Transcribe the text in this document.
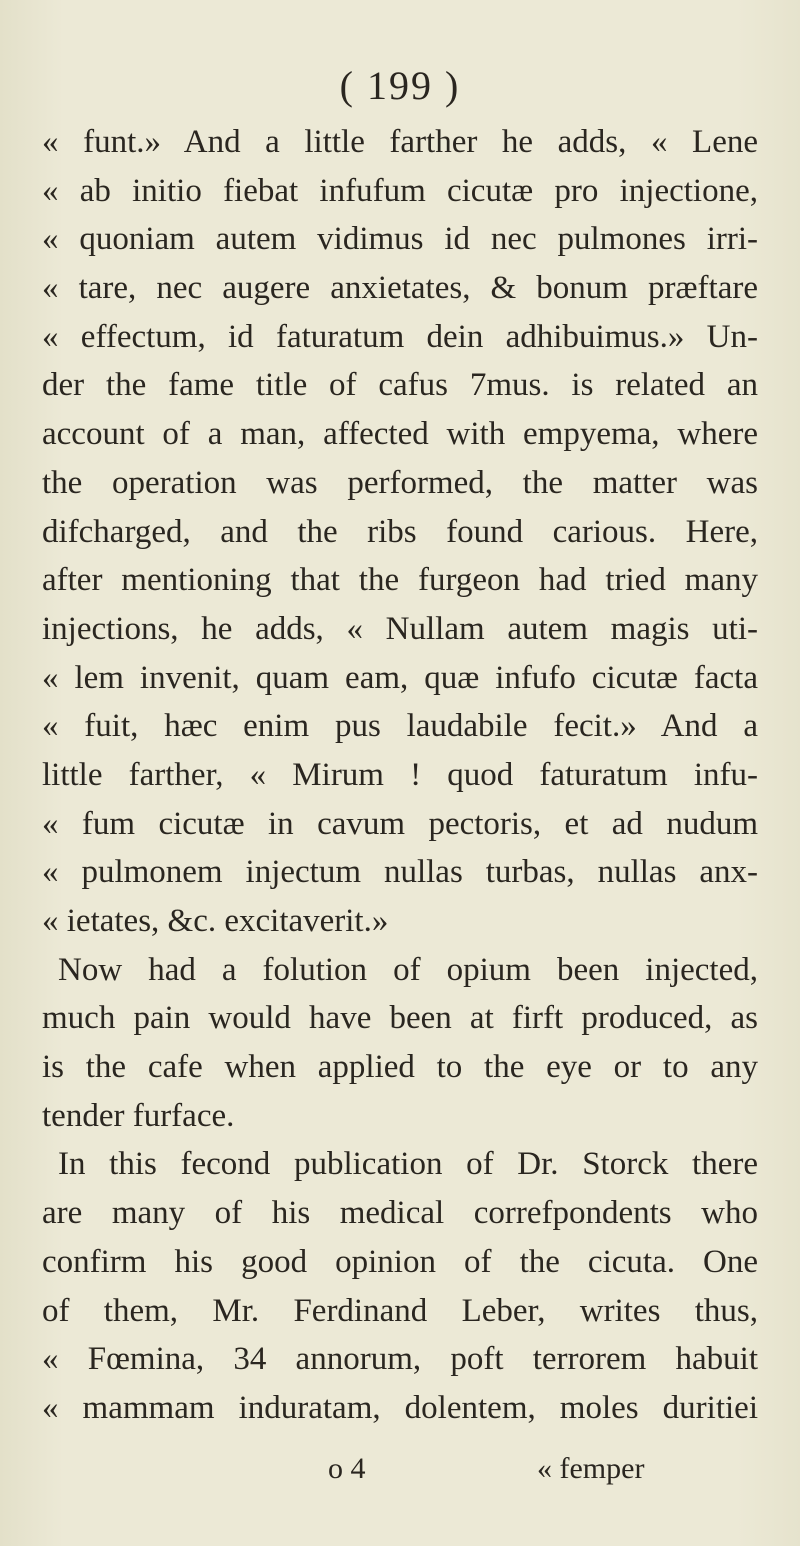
( 199 )
« funt.» And a little farther he adds, « Lene
« ab initio fiebat infufum cicutæ pro injectione,
« quoniam autem vidimus id nec pulmones irri-
« tare, nec augere anxietates, & bonum præftare
« effectum, id faturatum dein adhibuimus.» Un-
der the fame title of cafus 7mus. is related an
account of a man, affected with empyema, where
the operation was performed, the matter was
difcharged, and the ribs found carious. Here,
after mentioning that the furgeon had tried many
injections, he adds, « Nullam autem magis uti-
« lem invenit, quam eam, quæ infufo cicutæ facta
« fuit, hæc enim pus laudabile fecit.» And a
little farther, « Mirum ! quod faturatum infu-
« fum cicutæ in cavum pectoris, et ad nudum
« pulmonem injectum nullas turbas, nullas anx-
« ietates, &c. excitaverit.»
Now had a folution of opium been injected,
much pain would have been at firft produced, as
is the cafe when applied to the eye or to any
tender furface.
In this fecond publication of Dr. Storck there
are many of his medical correfpondents who
confirm his good opinion of the cicuta. One
of them, Mr. Ferdinand Leber, writes thus,
« Fœmina, 34 annorum, poft terrorem habuit
« mammam induratam, dolentem, moles duritiei
o 4	« femper
